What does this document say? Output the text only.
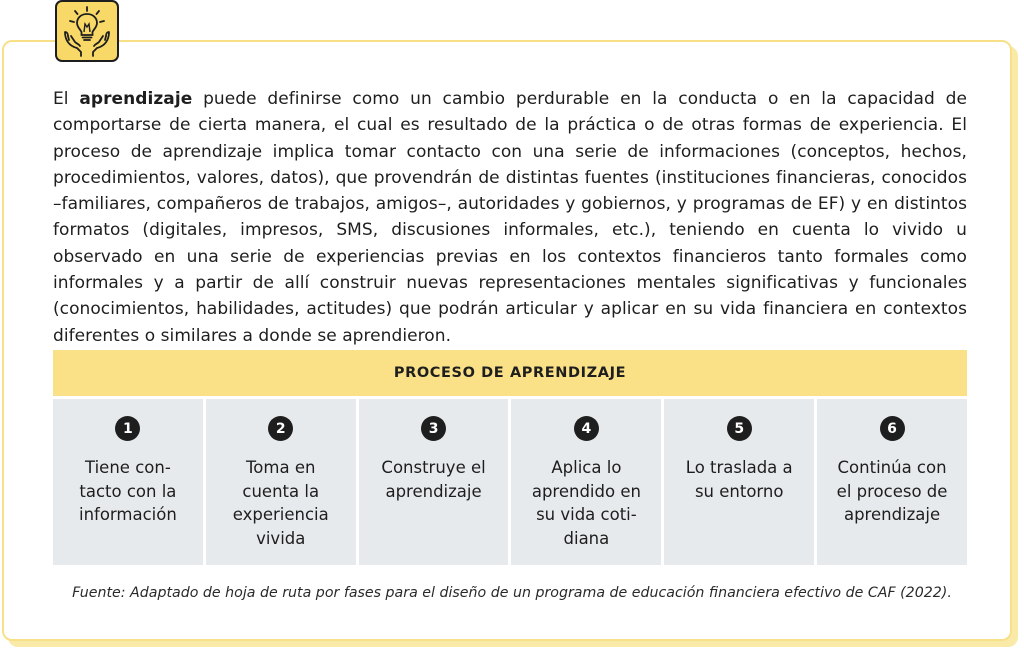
El aprendizaje puede definirse como un cambio perdurable en la conducta o en la capacidad de comportarse de cierta manera, el cual es resultado de la práctica o de otras formas de experiencia. El proceso de aprendizaje implica tomar contacto con una serie de informaciones (conceptos, hechos, procedimientos, valores, datos), que provendrán de distintas fuentes (instituciones financieras, conocidos –familiares, compañeros de trabajos, amigos–, autoridades y gobiernos, y programas de EF) y en distintos formatos (digitales, impresos, SMS, discusiones informales, etc.), teniendo en cuenta lo vivido u observado en una serie de experiencias previas en los contextos financieros tanto formales como informales y a partir de allí construir nuevas representaciones mentales significativas y funcionales (conocimientos, habilidades, actitudes) que podrán articular y aplicar en su vida financiera en contextos diferentes o similares a donde se aprendieron.

PROCESO DE APRENDIZAJE
1
Tiene con-
tacto con la
información
2
Toma en
cuenta la
experiencia
vivida
3
Construye el
aprendizaje
4
Aplica lo
aprendido en
su vida coti-
diana
5
Lo traslada a
su entorno
6
Continúa con
el proceso de
aprendizaje
Fuente: Adaptado de hoja de ruta por fases para el diseño de un programa de educación financiera efectivo de CAF (2022).
